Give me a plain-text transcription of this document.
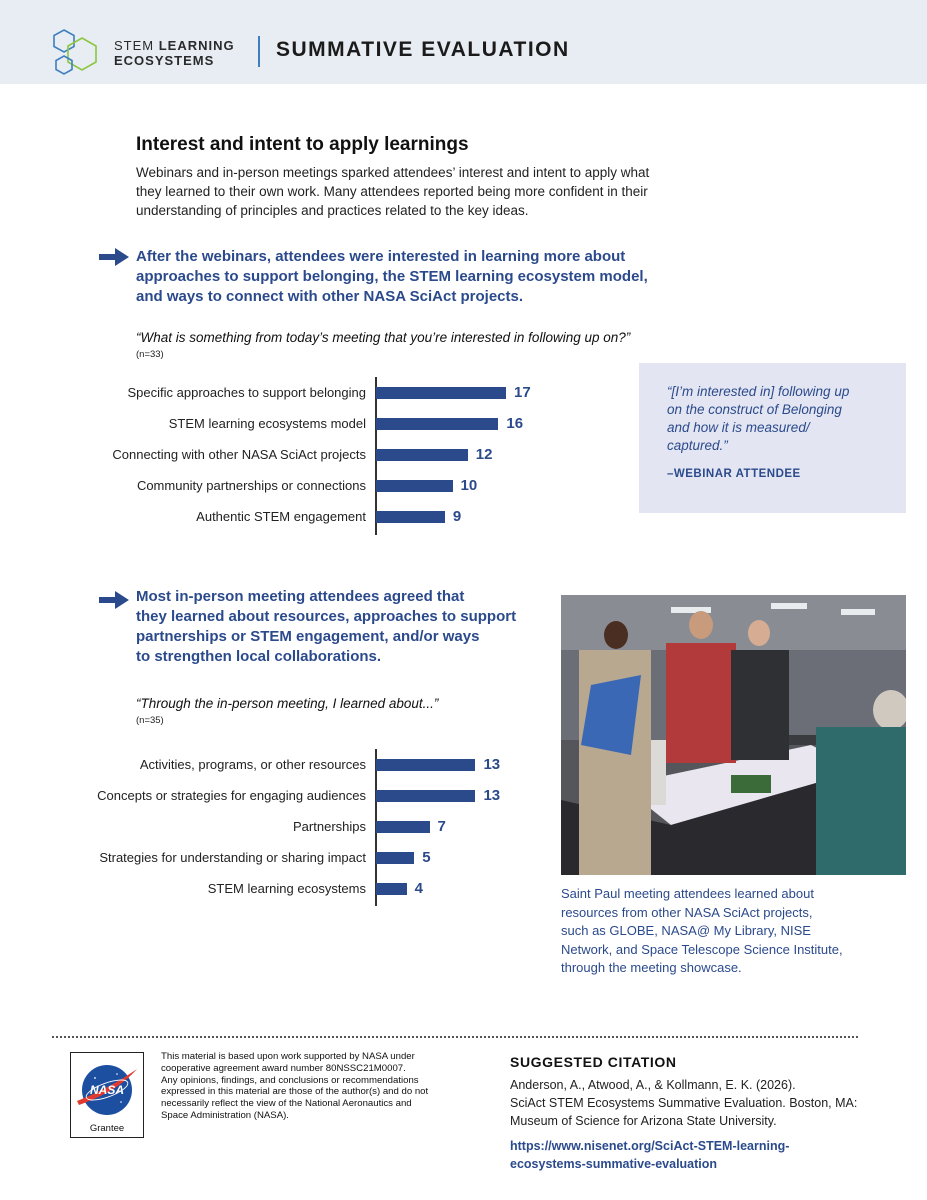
STEM LEARNING
ECOSYSTEMS	SUMMATIVE EVALUATION
Interest and intent to apply learnings
Webinars and in-person meetings sparked attendees’ interest and intent to apply what they learned to their own work. Many attendees reported being more confident in their understanding of principles and practices related to the key ideas.
After the webinars, attendees were interested in learning more about
approaches to support belonging, the STEM learning ecosystem model,
and ways to connect with other NASA SciAct projects.
“What is something from today’s meeting that you’re interested in following up on?”
(n=33)
Specific approaches to support belonging	17
STEM learning ecosystems model	16
Connecting with other NASA SciAct projects	12
Community partnerships or connections	10
Authentic STEM engagement	9
“[I’m interested in] following up
on the construct of Belonging
and how it is measured/
captured.”
–WEBINAR ATTENDEE
Most in-person meeting attendees agreed that
they learned about resources, approaches to support
partnerships or STEM engagement, and/or ways
to strengthen local collaborations.
“Through the in-person meeting, I learned about...”
(n=35)
Activities, programs, or other resources	13
Concepts or strategies for engaging audiences	13
Partnerships	7
Strategies for understanding or sharing impact	5
STEM learning ecosystems	4	Saint Paul meeting attendees learned about
resources from other NASA SciAct projects,
such as GLOBE, NASA@ My Library, NISE
Network, and Space Telescope Science Institute,
through the meeting showcase.
NASA
Grantee
This material is based upon work supported by NASA under
cooperative agreement award number 80NSSC21M0007.
Any opinions, findings, and conclusions or recommendations
expressed in this material are those of the author(s) and do not
necessarily reflect the view of the National Aeronautics and
Space Administration (NASA).
SUGGESTED CITATION
Anderson, A., Atwood, A., & Kollmann, E. K. (2026).
SciAct STEM Ecosystems Summative Evaluation. Boston, MA:
Museum of Science for Arizona State University.
https://www.nisenet.org/SciAct-STEM-learning-
ecosystems-summative-evaluation
